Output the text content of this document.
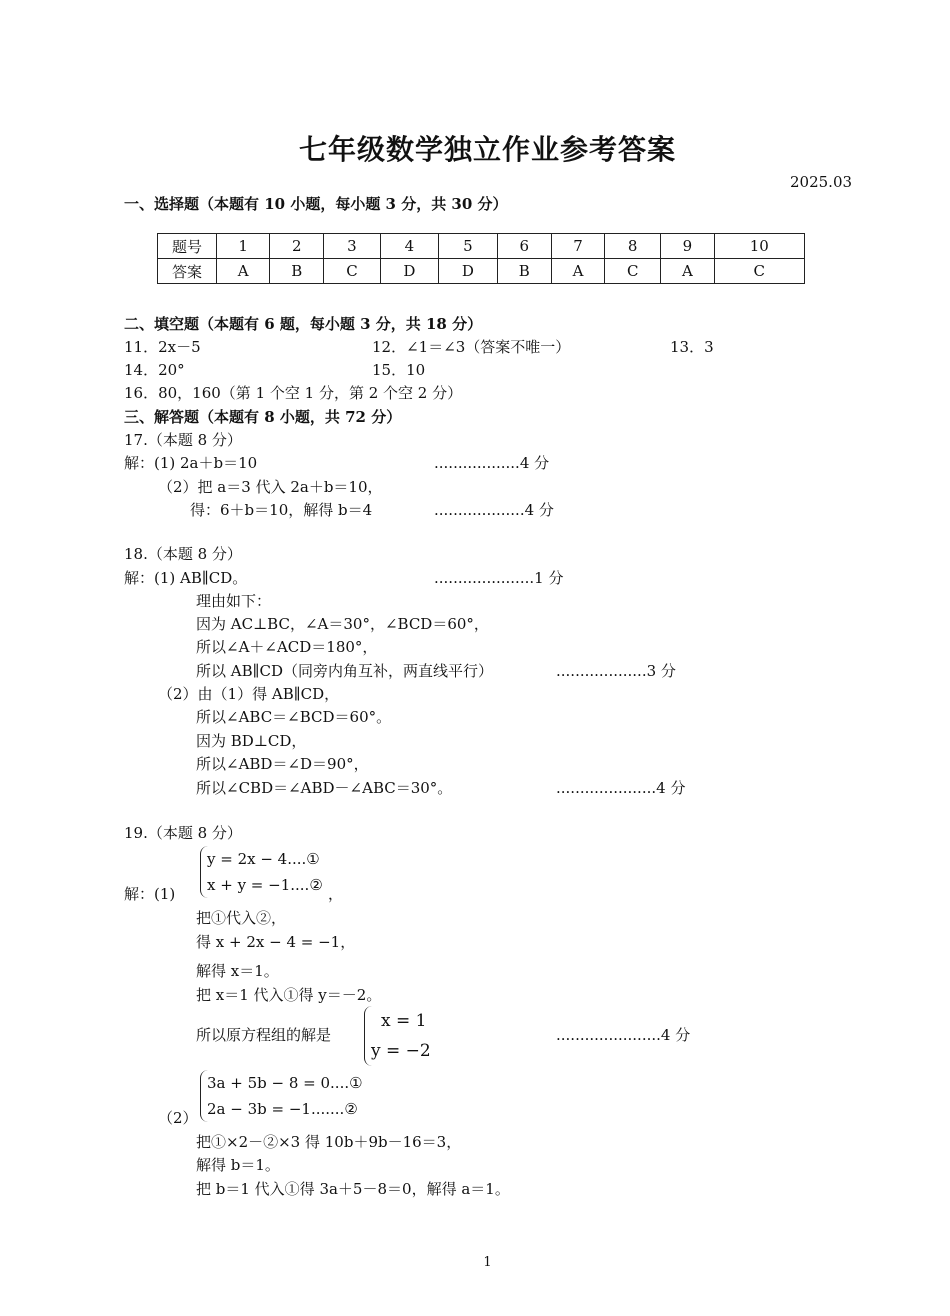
七年级数学独立作业参考答案
2025.03
一、选择题（本题有 10 小题，每小题 3 分，共 30 分）
题号	1	2	3	4	5	6	7	8	9	10
答案	A	B	C	D	D	B	A	C	A	C
二、填空题（本题有 6 题，每小题 3 分，共 18 分）
11．2x－5	12．∠1＝∠3（答案不唯一）	13．3
14．20°	15．10
16．80，160（第 1 个空 1 分，第 2 个空 2 分）
三、解答题（本题有 8 小题，共 72 分）
17.（本题 8 分）
解：(1) 2a＋b＝10	..................4 分
（2）把 a＝3 代入 2a＋b＝10，
得：6＋b＝10，解得 b＝4	...................4 分
18.（本题 8 分）
解：(1) AB∥CD。	.....................1 分
理由如下：
因为 AC⊥BC，∠A＝30°，∠BCD＝60°，
所以∠A＋∠ACD＝180°，
所以 AB∥CD（同旁内角互补，两直线平行）	...................3 分
（2）由（1）得 AB∥CD，
所以∠ABC＝∠BCD＝60°。
因为 BD⊥CD，
所以∠ABD＝∠D＝90°，
所以∠CBD＝∠ABD－∠ABC＝30°。	.....................4 分
19.（本题 8 分）
y = 2x − 4....①
x + y = −1....② ，
解：(1)
把①代入②，
得 x + 2x − 4 = −1，
解得 x＝1。
把 x＝1 代入①得 y＝－2。
所以原方程组的解是
x = 1
y = −2
......................4 分
3a + 5b − 8 = 0....①
2a − 3b = −1.......②
（2）
把①×2－②×3 得 10b＋9b－16＝3，
解得 b＝1。
把 b＝1 代入①得 3a＋5－8＝0，解得 a＝1。
1
